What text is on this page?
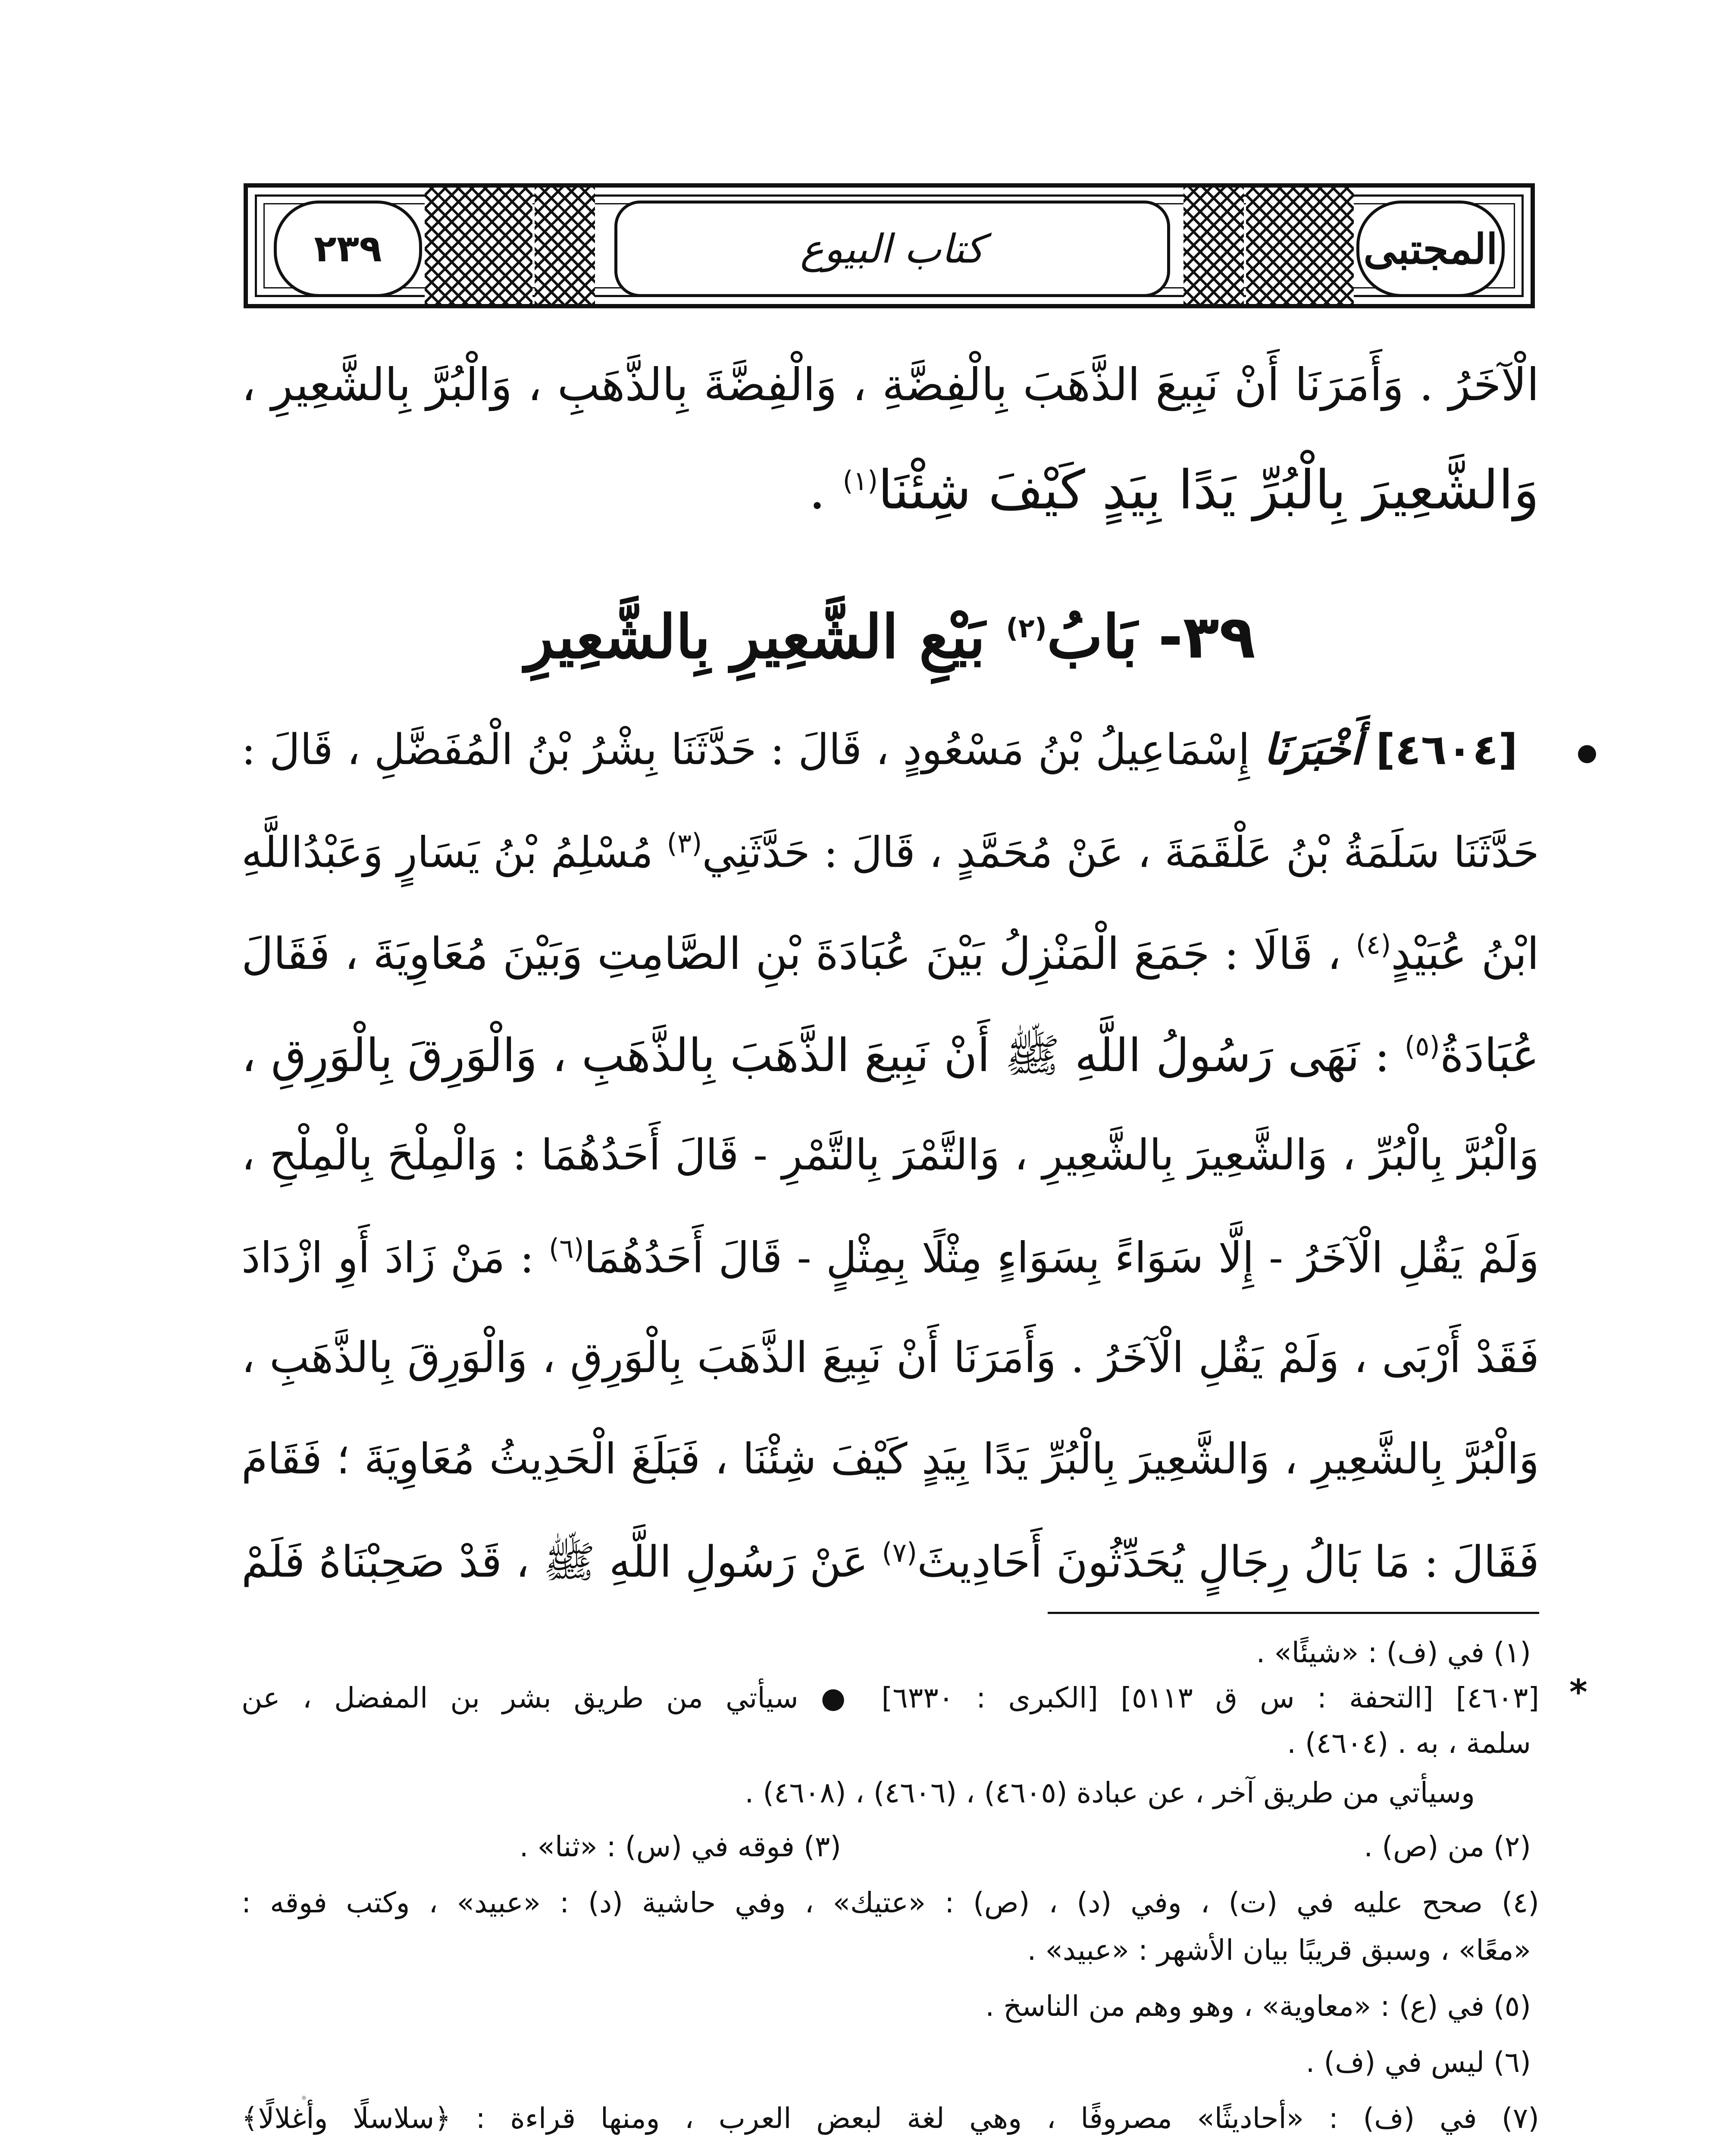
٢٣٩	كتاب البيوع	المجتبى
الْآخَرُ . وَأَمَرَنَا أَنْ نَبِيعَ الذَّهَبَ بِالْفِضَّةِ ، وَالْفِضَّةَ بِالذَّهَبِ ، وَالْبُرَّ بِالشَّعِيرِ ،
وَالشَّعِيرَ بِالْبُرِّ يَدًا بِيَدٍ كَيْفَ شِئْنَا$^{(١)}$ .
٣٩- بَابُ$^{(٢)}$ بَيْعِ الشَّعِيرِ بِالشَّعِيرِ
[٤٦٠٤] أَخْبَرَنَا إِسْمَاعِيلُ بْنُ مَسْعُودٍ ، قَالَ : حَدَّثَنَا بِشْرُ بْنُ الْمُفَضَّلِ ، قَالَ :
حَدَّثَنَا سَلَمَةُ بْنُ عَلْقَمَةَ ، عَنْ مُحَمَّدٍ ، قَالَ : حَدَّثَنِي$^{(٣)}$ مُسْلِمُ بْنُ يَسَارٍ وَعَبْدُاللَّهِ
ابْنُ عُبَيْدٍ$^{(٤)}$ ، قَالَا : جَمَعَ الْمَنْزِلُ بَيْنَ عُبَادَةَ بْنِ الصَّامِتِ وَبَيْنَ مُعَاوِيَةَ ، فَقَالَ
عُبَادَةُ$^{(٥)}$ : نَهَى رَسُولُ اللَّهِ ﷺ أَنْ نَبِيعَ الذَّهَبَ بِالذَّهَبِ ، وَالْوَرِقَ بِالْوَرِقِ ،
وَالْبُرَّ بِالْبُرِّ ، وَالشَّعِيرَ بِالشَّعِيرِ ، وَالتَّمْرَ بِالتَّمْرِ - قَالَ أَحَدُهُمَا : وَالْمِلْحَ بِالْمِلْحِ ،
وَلَمْ يَقُلِ الْآخَرُ - إِلَّا سَوَاءً بِسَوَاءٍ مِثْلًا بِمِثْلٍ - قَالَ أَحَدُهُمَا$^{(٦)}$ : مَنْ زَادَ أَوِ ازْدَادَ
فَقَدْ أَرْبَى ، وَلَمْ يَقُلِ الْآخَرُ . وَأَمَرَنَا أَنْ نَبِيعَ الذَّهَبَ بِالْوَرِقِ ، وَالْوَرِقَ بِالذَّهَبِ ،
وَالْبُرَّ بِالشَّعِيرِ ، وَالشَّعِيرَ بِالْبُرِّ يَدًا بِيَدٍ كَيْفَ شِئْنَا ، فَبَلَغَ الْحَدِيثُ مُعَاوِيَةَ ؛ فَقَامَ
فَقَالَ : مَا بَالُ رِجَالٍ يُحَدِّثُونَ أَحَادِيثَ$^{(٧)}$ عَنْ رَسُولِ اللَّهِ ﷺ ، قَدْ صَحِبْنَاهُ فَلَمْ
(١) في (ف) : «شيئًا» .
*
[٤٦٠٣] [التحفة : س ق ٥١١٣] [الكبرى : ٦٣٣٠] ● سيأتي من طريق بشر بن المفضل ، عن
سلمة ، به . (٤٦٠٤) .
وسيأتي من طريق آخر ، عن عبادة (٤٦٠٥) ، (٤٦٠٦) ، (٤٦٠٨) .
(٢) من (ص) .
(٣) فوقه في (س) : «ثنا» .
(٤) صحح عليه في (ت) ، وفي (د) ، (ص) : «عتيك» ، وفي حاشية (د) : «عبيد» ، وكتب فوقه :
«معًا» ، وسبق قريبًا بيان الأشهر : «عبيد» .
(٥) في (ع) : «معاوية» ، وهو وهم من الناسخ .
(٦) ليس في (ف) .
(٧) في (ف) : «أحاديثًا» مصروفًا ، وهي لغة لبعض العرب ، ومنها قراءة : ﴿سلاسلًا وأغلالًا﴾
